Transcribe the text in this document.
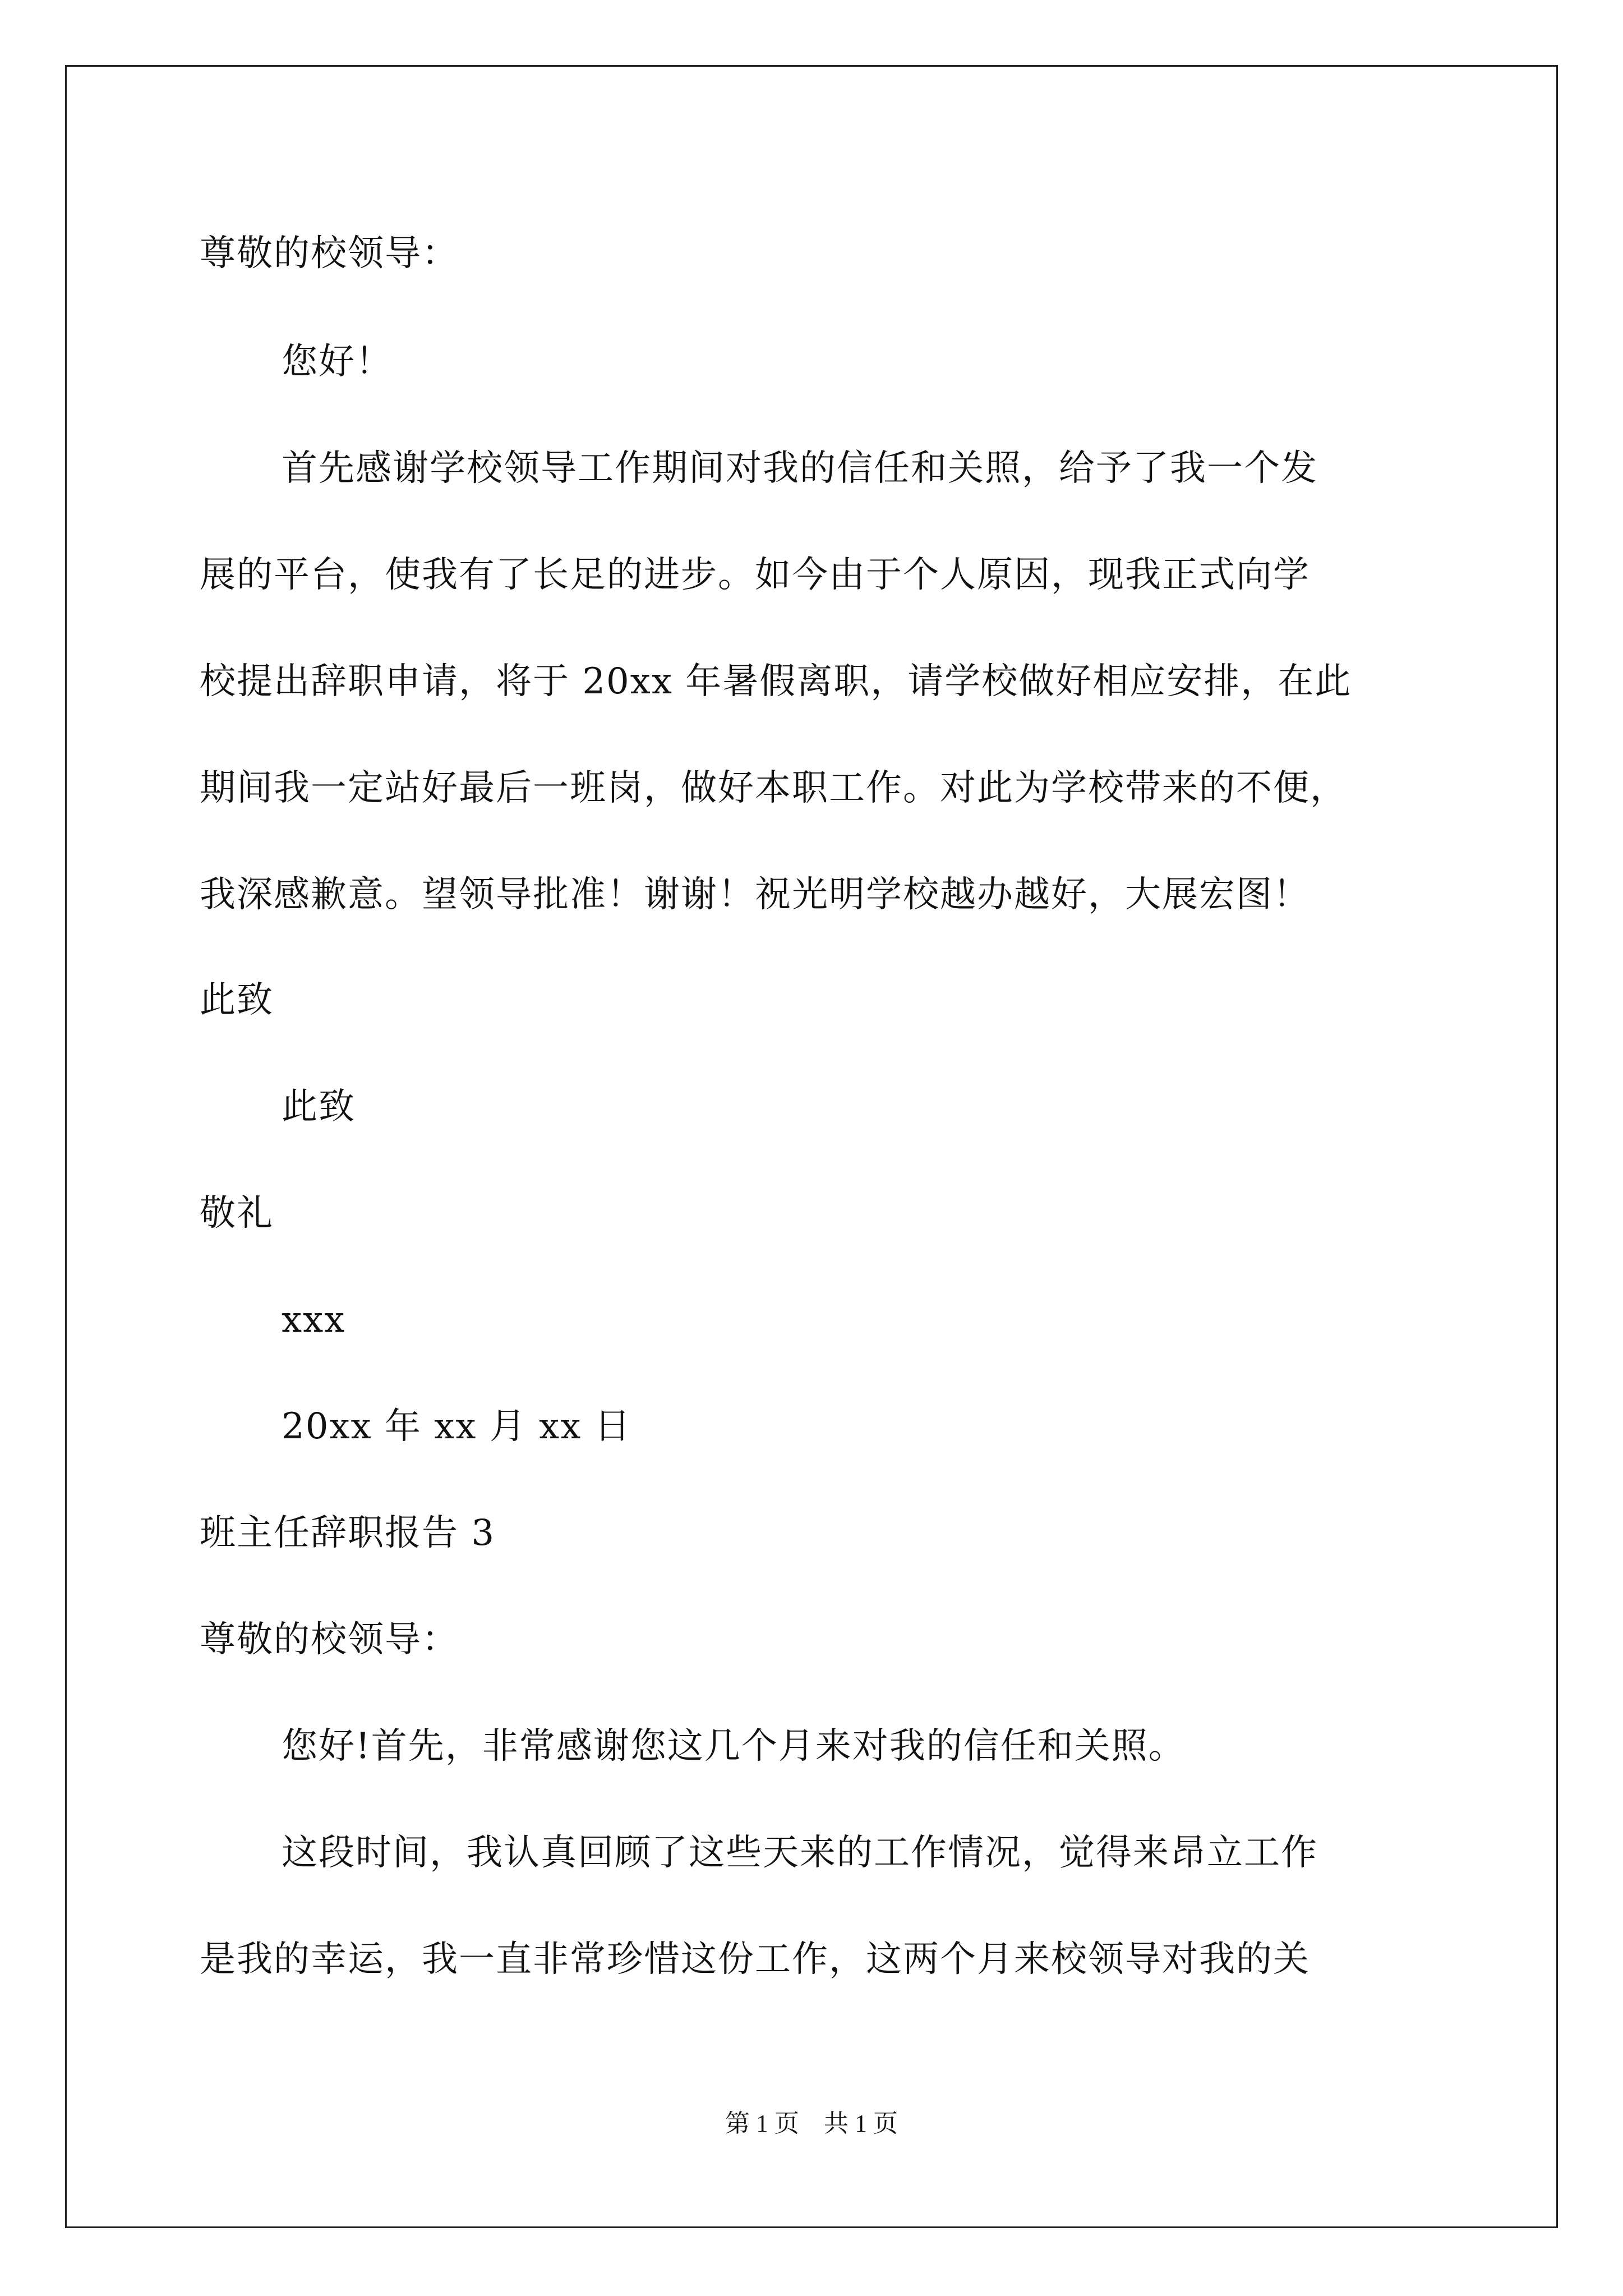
尊敬的校领导：
您好！
首先感谢学校领导工作期间对我的信任和关照，给予了我一个发
展的平台，使我有了长足的进步。如今由于个人原因，现我正式向学
校提出辞职申请，将于 20xx 年暑假离职，请学校做好相应安排，在此
期间我一定站好最后一班岗，做好本职工作。对此为学校带来的不便，
我深感歉意。望领导批准！谢谢！祝光明学校越办越好，大展宏图！
此致
此致
敬礼
xxx
20xx 年 xx 月 xx 日
班主任辞职报告 3
尊敬的校领导：
您好!首先，非常感谢您这几个月来对我的信任和关照。
这段时间，我认真回顾了这些天来的工作情况，觉得来昂立工作
是我的幸运，我一直非常珍惜这份工作，这两个月来校领导对我的关
第 1 页　共 1 页
